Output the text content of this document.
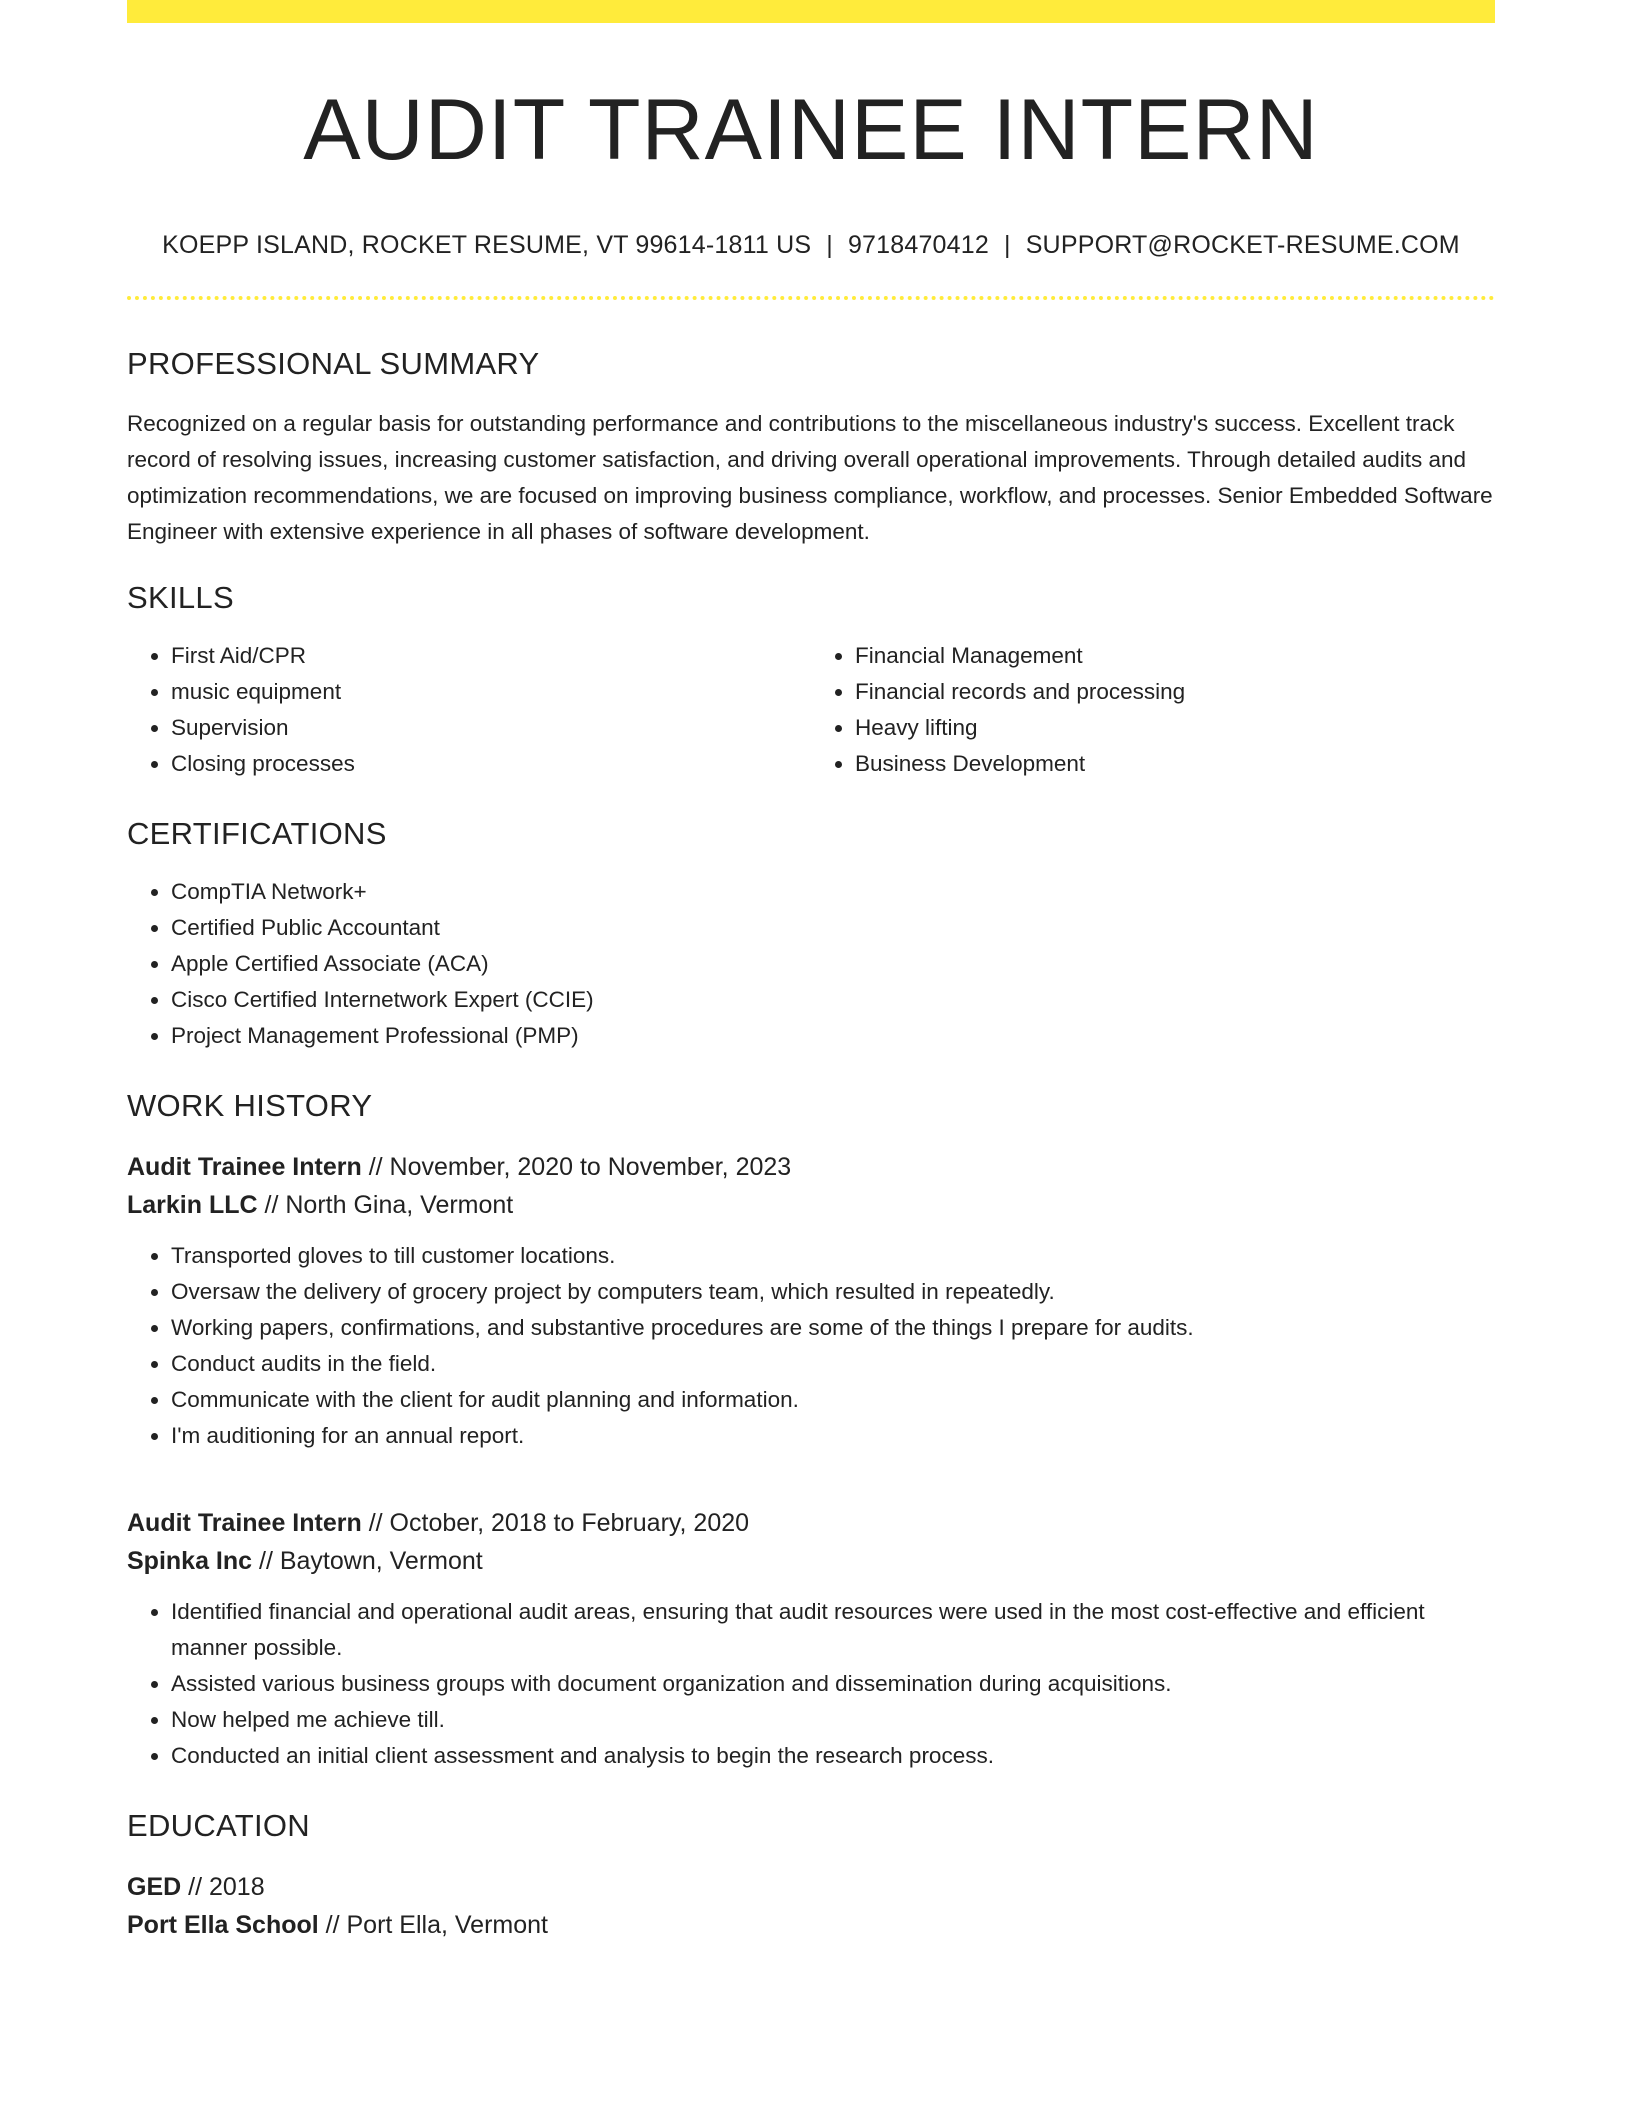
AUDIT TRAINEE INTERN
KOEPP ISLAND, ROCKET RESUME, VT 99614-1811 US | 9718470412 | SUPPORT@ROCKET-RESUME.COM
PROFESSIONAL SUMMARY
Recognized on a regular basis for outstanding performance and contributions to the miscellaneous industry's success. Excellent track record of resolving issues, increasing customer satisfaction, and driving overall operational improvements. Through detailed audits and optimization recommendations, we are focused on improving business compliance, workflow, and processes. Senior Embedded Software Engineer with extensive experience in all phases of software development.
SKILLS
• First Aid/CPR
• music equipment
• Supervision
• Closing processes
• Financial Management
• Financial records and processing
• Heavy lifting
• Business Development
CERTIFICATIONS
• CompTIA Network+
• Certified Public Accountant
• Apple Certified Associate (ACA)
• Cisco Certified Internetwork Expert (CCIE)
• Project Management Professional (PMP)
WORK HISTORY
Audit Trainee Intern // November, 2020 to November, 2023
Larkin LLC // North Gina, Vermont
• Transported gloves to till customer locations.
• Oversaw the delivery of grocery project by computers team, which resulted in repeatedly.
• Working papers, confirmations, and substantive procedures are some of the things I prepare for audits.
• Conduct audits in the field.
• Communicate with the client for audit planning and information.
• I'm auditioning for an annual report.
Audit Trainee Intern // October, 2018 to February, 2020
Spinka Inc // Baytown, Vermont
• Identified financial and operational audit areas, ensuring that audit resources were used in the most cost-effective and efficient manner possible.
• Assisted various business groups with document organization and dissemination during acquisitions.
• Now helped me achieve till.
• Conducted an initial client assessment and analysis to begin the research process.
EDUCATION
GED // 2018
Port Ella School // Port Ella, Vermont
